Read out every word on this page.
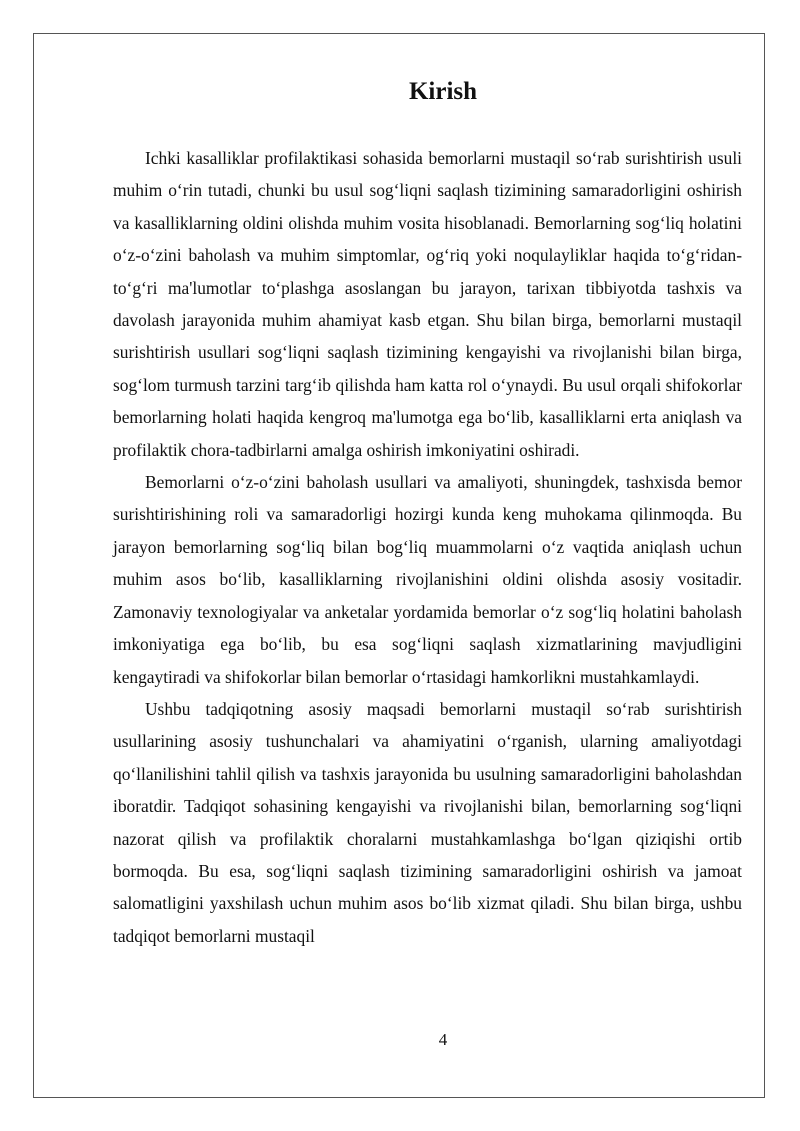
Kirish

Ichki kasalliklar profilaktikasi sohasida bemorlarni mustaqil so‘rab surishtirish usuli muhim o‘rin tutadi, chunki bu usul sog‘liqni saqlash tizimining samaradorligini oshirish va kasalliklarning oldini olishda muhim vosita hisoblanadi. Bemorlarning sog‘liq holatini o‘z-o‘zini baholash va muhim simptomlar, og‘riq yoki noqulayliklar haqida to‘g‘ridan-to‘g‘ri ma'lumotlar to‘plashga asoslangan bu jarayon, tarixan tibbiyotda tashxis va davolash jarayonida muhim ahamiyat kasb etgan. Shu bilan birga, bemorlarni mustaqil surishtirish usullari sog‘liqni saqlash tizimining kengayishi va rivojlanishi bilan birga, sog‘lom turmush tarzini targ‘ib qilishda ham katta rol o‘ynaydi. Bu usul orqali shifokorlar bemorlarning holati haqida kengroq ma'lumotga ega bo‘lib, kasalliklarni erta aniqlash va profilaktik chora-tadbirlarni amalga oshirish imkoniyatini oshiradi.

Bemorlarni o‘z-o‘zini baholash usullari va amaliyoti, shuningdek, tashxisda bemor surishtirishining roli va samaradorligi hozirgi kunda keng muhokama qilinmoqda. Bu jarayon bemorlarning sog‘liq bilan bog‘liq muammolarni o‘z vaqtida aniqlash uchun muhim asos bo‘lib, kasalliklarning rivojlanishini oldini olishda asosiy vositadir. Zamonaviy texnologiyalar va anketalar yordamida bemorlar o‘z sog‘liq holatini baholash imkoniyatiga ega bo‘lib, bu esa sog‘liqni saqlash xizmatlarining mavjudligini kengaytiradi va shifokorlar bilan bemorlar o‘rtasidagi hamkorlikni mustahkamlaydi.

Ushbu tadqiqotning asosiy maqsadi bemorlarni mustaqil so‘rab surishtirish usullarining asosiy tushunchalari va ahamiyatini o‘rganish, ularning amaliyotdagi qo‘llanilishini tahlil qilish va tashxis jarayonida bu usulning samaradorligini baholashdan iboratdir. Tadqiqot sohasining kengayishi va rivojlanishi bilan, bemorlarning sog‘liqni nazorat qilish va profilaktik choralarni mustahkamlashga bo‘lgan qiziqishi ortib bormoqda. Bu esa, sog‘liqni saqlash tizimining samaradorligini oshirish va jamoat salomatligini yaxshilash uchun muhim asos bo‘lib xizmat qiladi. Shu bilan birga, ushbu tadqiqot bemorlarni mustaqil

4
